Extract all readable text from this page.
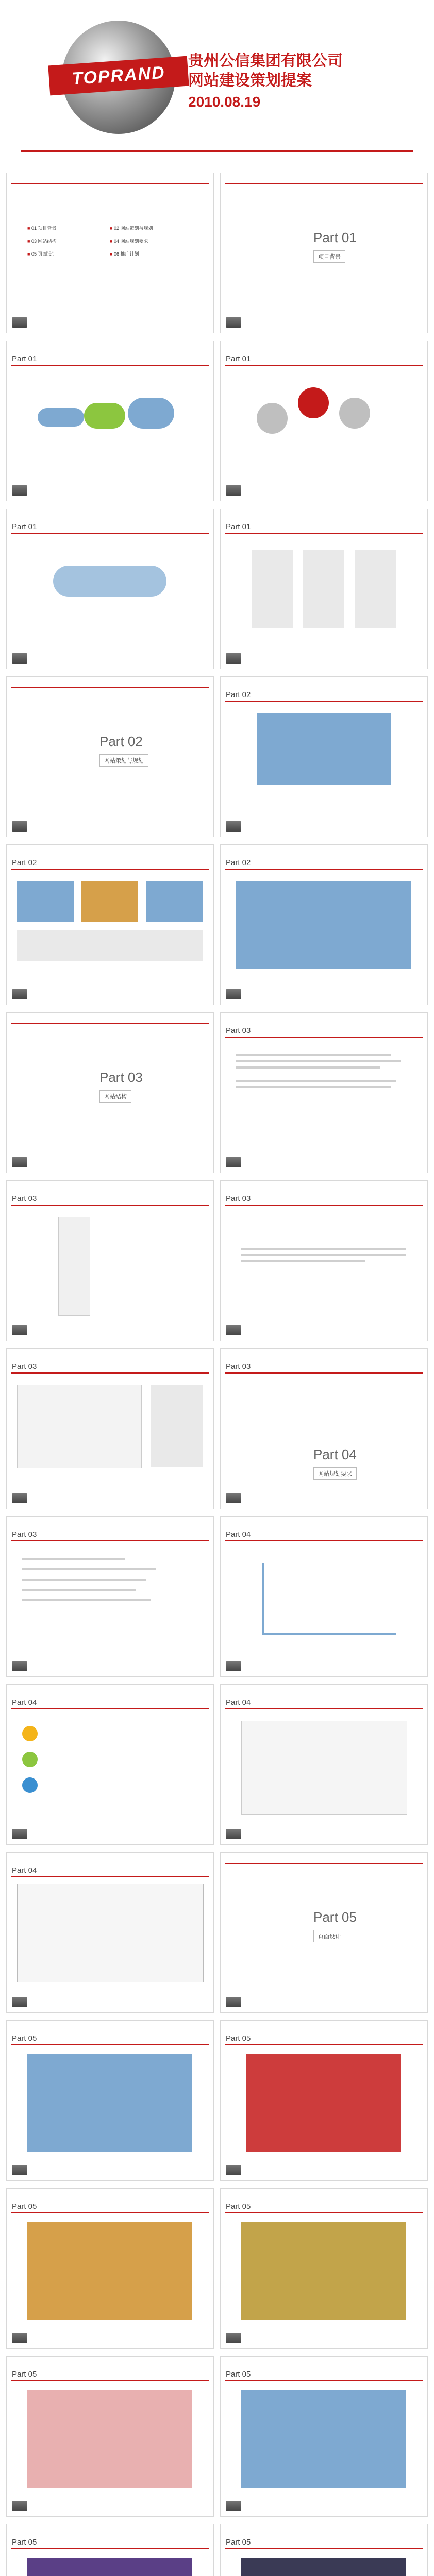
TOPRAND
贵州公信集团有限公司
网站建设策划提案
2010.08.19
■ 01 项目背景	■ 02 网站策划与规划
■ 03 网站结构	■ 04 网站规划要求
■ 05 页面设计	■ 06 推广计划
Part 01
项目背景
Part 01	Part 01
Part 01	Part 01
Part 02
网站策划与规划
Part 02
Part 02	Part 02
Part 03
网站结构
Part 03
Part 03	Part 03
Part 03	Part 03
Part 04
网站规划要求
Part 03	Part 04
Part 04	Part 04
Part 04
Part 05
页面设计
Part 05	Part 05
Part 05	Part 05
Part 05	Part 05
Part 05	Part 05
